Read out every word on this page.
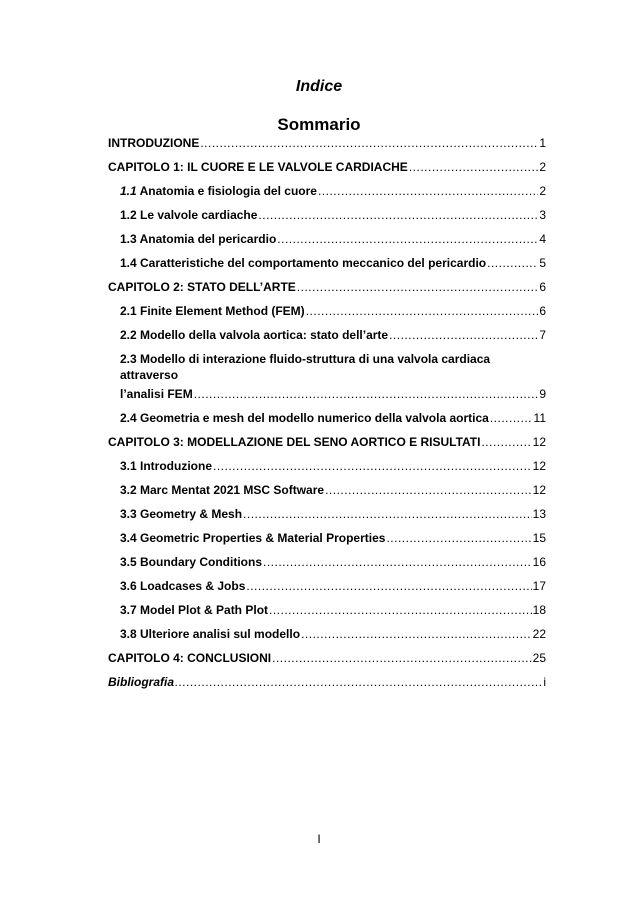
Indice
Sommario
INTRODUZIONE .....	1
CAPITOLO 1: IL CUORE E LE VALVOLE CARDIACHE .....	2
1.1 Anatomia e fisiologia del cuore .....	2
1.2 Le valvole cardiache .....	3
1.3 Anatomia del pericardio .....	4
1.4 Caratteristiche del comportamento meccanico del pericardio .....	5
CAPITOLO 2: STATO DELL’ARTE .....	6
2.1 Finite Element Method (FEM) .....	6
2.2 Modello della valvola aortica: stato dell’arte .....	7
2.3 Modello di interazione fluido-struttura di una valvola cardiaca attraverso
l’analisi FEM .....	9
2.4 Geometria e mesh del modello numerico della valvola aortica .....	11
CAPITOLO 3: MODELLAZIONE DEL SENO AORTICO E RISULTATI .....	12
3.1 Introduzione .....	12
3.2 Marc Mentat 2021 MSC Software .....	12
3.3 Geometry & Mesh .....	13
3.4 Geometric Properties & Material Properties .....	15
3.5 Boundary Conditions .....	16
3.6 Loadcases & Jobs .....	17
3.7 Model Plot & Path Plot .....	18
3.8 Ulteriore analisi sul modello .....	22
CAPITOLO 4: CONCLUSIONI .....	25
Bibliografia .....	i
I
